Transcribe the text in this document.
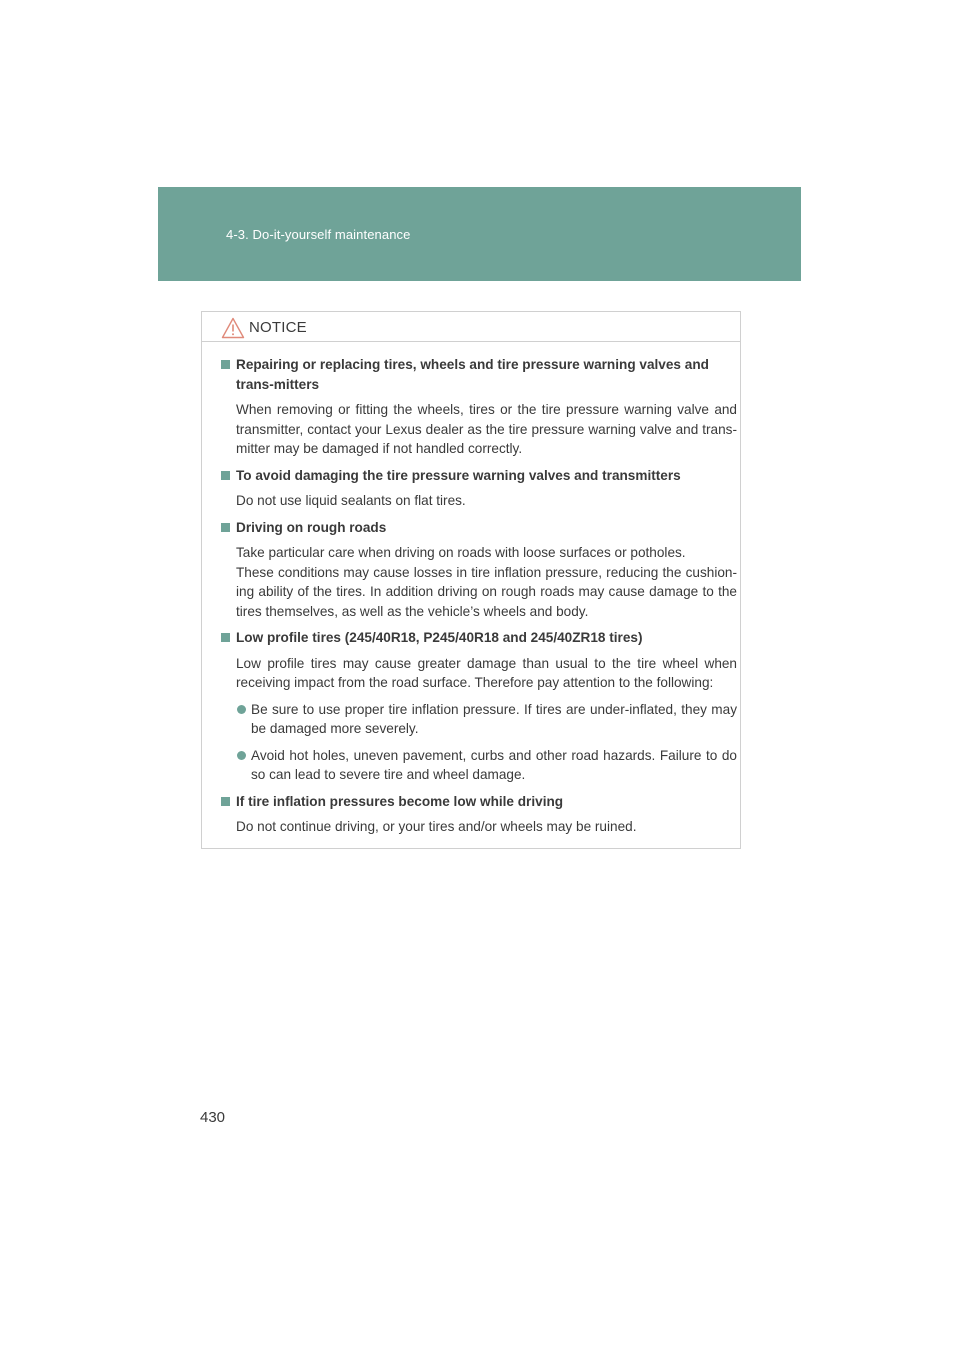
4-3. Do-it-yourself maintenance
NOTICE
Repairing or replacing tires, wheels and tire pressure warning valves and trans-mitters
When removing or fitting the wheels, tires or the tire pressure warning valve and transmitter, contact your Lexus dealer as the tire pressure warning valve and trans-mitter may be damaged if not handled correctly.
To avoid damaging the tire pressure warning valves and transmitters
Do not use liquid sealants on flat tires.
Driving on rough roads
Take particular care when driving on roads with loose surfaces or potholes.
These conditions may cause losses in tire inflation pressure, reducing the cushion-ing ability of the tires. In addition driving on rough roads may cause damage to the tires themselves, as well as the vehicle’s wheels and body.
Low profile tires (245/40R18, P245/40R18 and 245/40ZR18 tires)
Low profile tires may cause greater damage than usual to the tire wheel when receiving impact from the road surface. Therefore pay attention to the following:
Be sure to use proper tire inflation pressure. If tires are under-inflated, they may be damaged more severely.
Avoid hot holes, uneven pavement, curbs and other road hazards. Failure to do so can lead to severe tire and wheel damage.
If tire inflation pressures become low while driving
Do not continue driving, or your tires and/or wheels may be ruined.
430
